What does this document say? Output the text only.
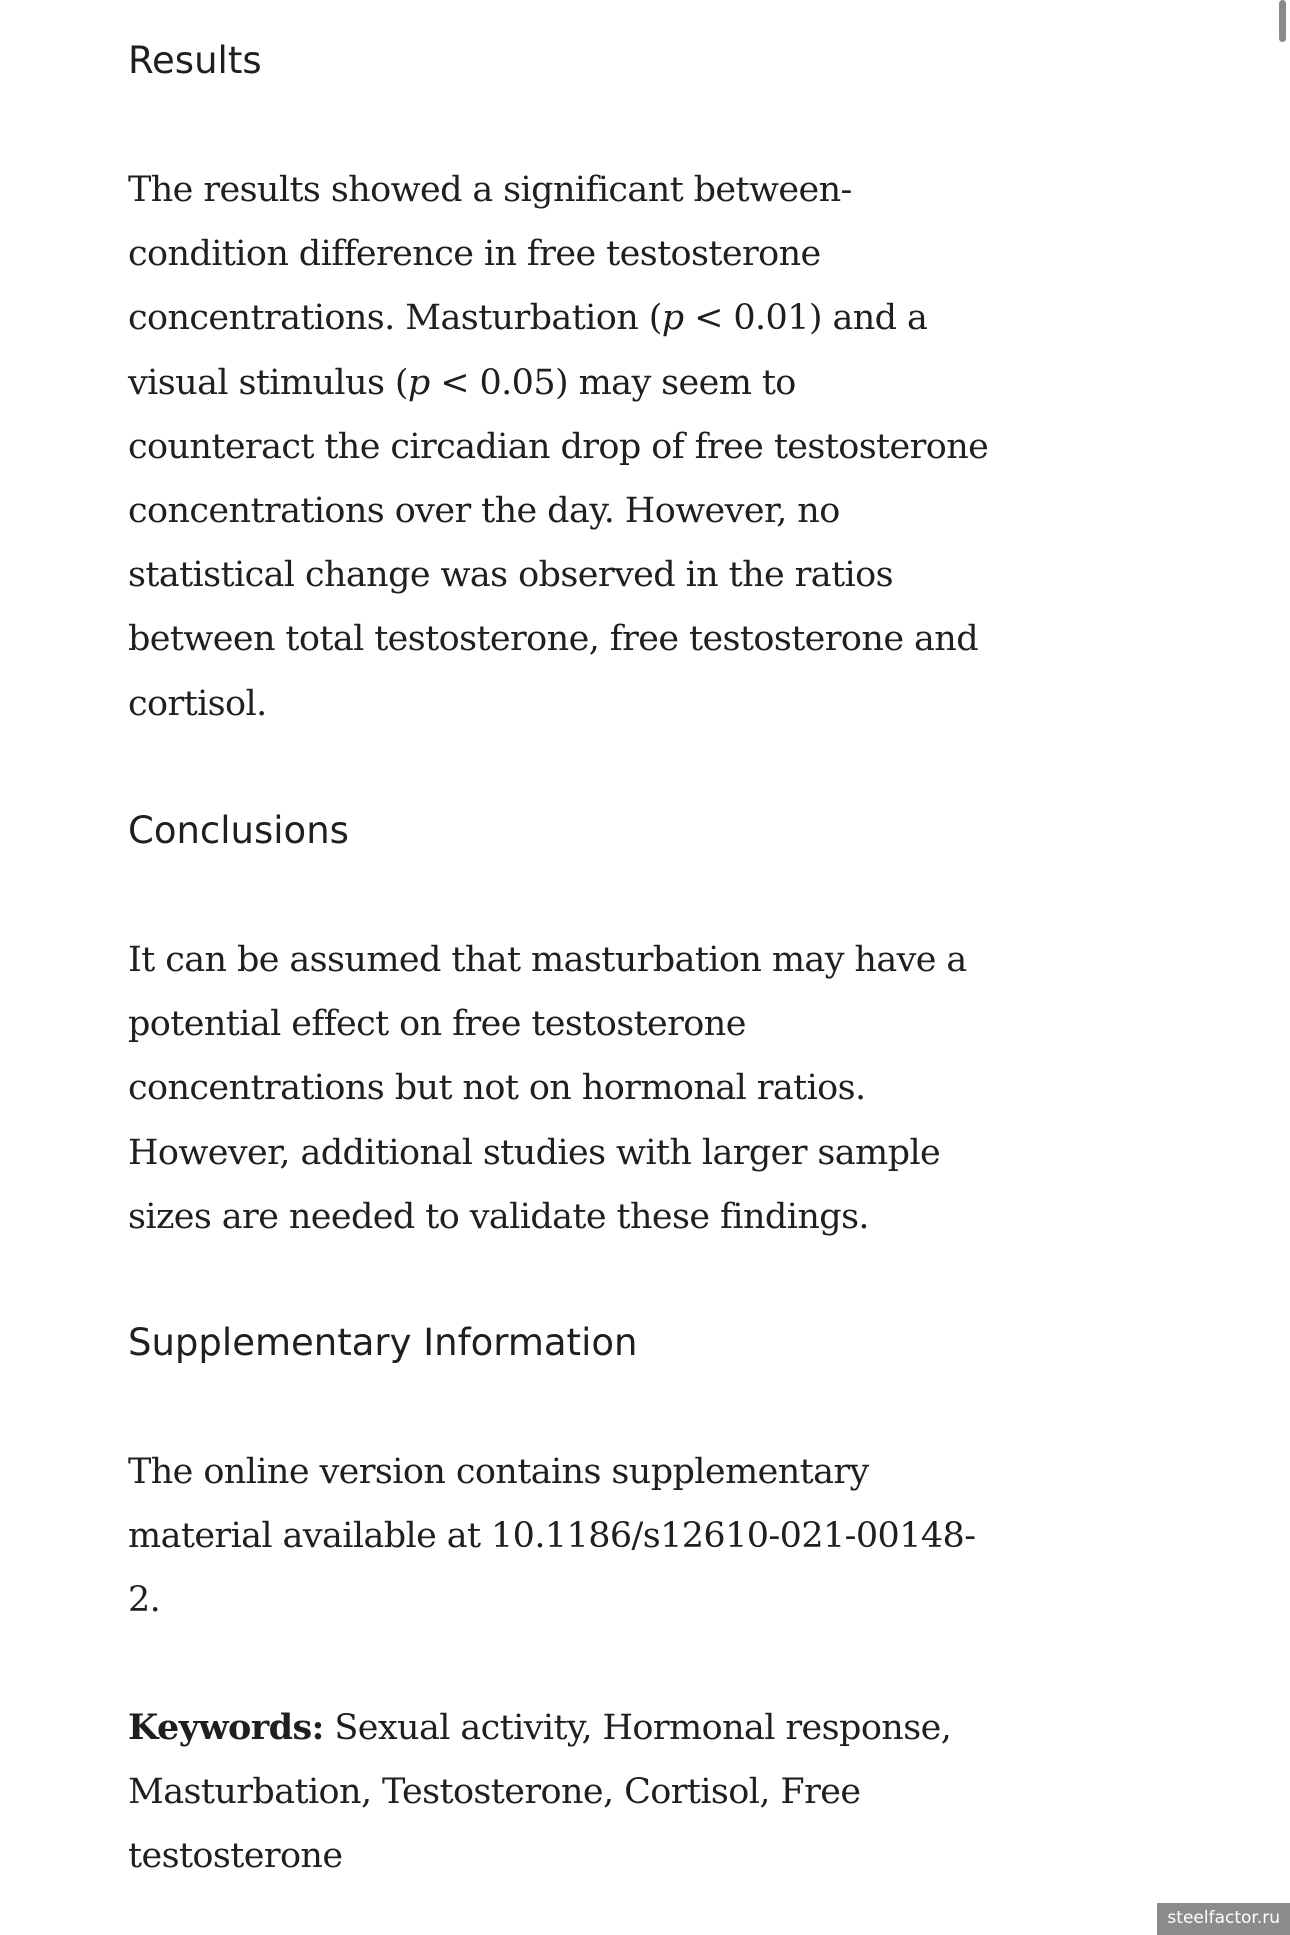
Results

The results showed a significant between-
condition difference in free testosterone
concentrations. Masturbation (p < 0.01) and a
visual stimulus (p < 0.05) may seem to
counteract the circadian drop of free testosterone
concentrations over the day. However, no
statistical change was observed in the ratios
between total testosterone, free testosterone and
cortisol.

Conclusions

It can be assumed that masturbation may have a
potential effect on free testosterone
concentrations but not on hormonal ratios.
However, additional studies with larger sample
sizes are needed to validate these findings.

Supplementary Information

The online version contains supplementary
material available at 10.1186/s12610-021-00148-
2.

Keywords: Sexual activity, Hormonal response,
Masturbation, Testosterone, Cortisol, Free
testosterone

steelfactor.ru
